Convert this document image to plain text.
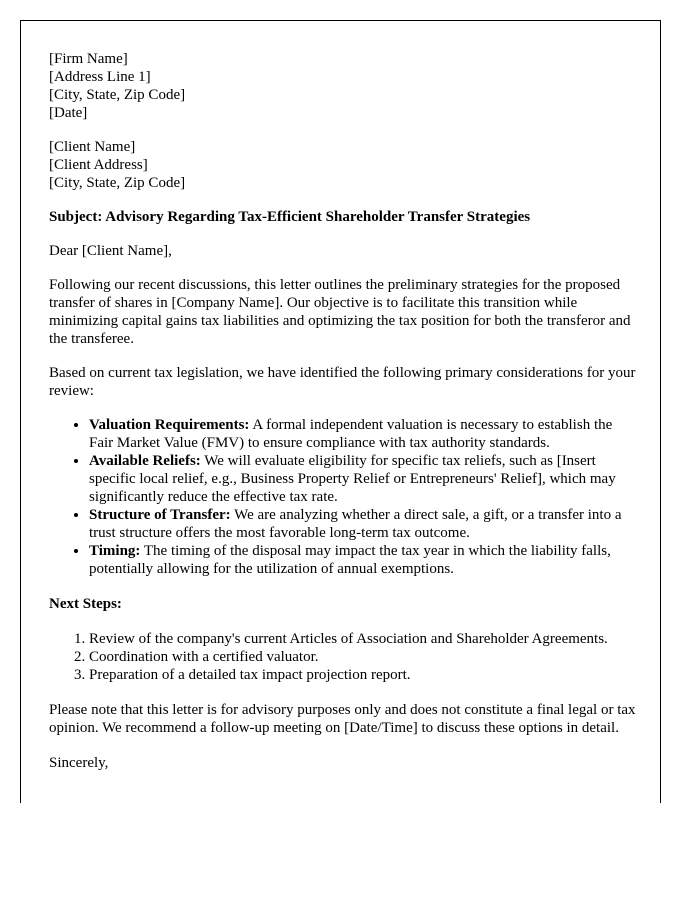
[Firm Name]
[Address Line 1]
[City, State, Zip Code]
[Date]
[Client Name]
[Client Address]
[City, State, Zip Code]

Subject: Advisory Regarding Tax-Efficient Shareholder Transfer Strategies

Dear [Client Name],

Following our recent discussions, this letter outlines the preliminary strategies for the proposed transfer of shares in [Company Name]. Our objective is to facilitate this transition while minimizing capital gains tax liabilities and optimizing the tax position for both the transferor and the transferee.

Based on current tax legislation, we have identified the following primary considerations for your review:

• Valuation Requirements: A formal independent valuation is necessary to establish the Fair Market Value (FMV) to ensure compliance with tax authority standards.
• Available Reliefs: We will evaluate eligibility for specific tax reliefs, such as [Insert specific local relief, e.g., Business Property Relief or Entrepreneurs' Relief], which may significantly reduce the effective tax rate.
• Structure of Transfer: We are analyzing whether a direct sale, a gift, or a transfer into a trust structure offers the most favorable long-term tax outcome.
• Timing: The timing of the disposal may impact the tax year in which the liability falls, potentially allowing for the utilization of annual exemptions.

Next Steps:

1. Review of the company's current Articles of Association and Shareholder Agreements.
2. Coordination with a certified valuator.
3. Preparation of a detailed tax impact projection report.

Please note that this letter is for advisory purposes only and does not constitute a final legal or tax opinion. We recommend a follow-up meeting on [Date/Time] to discuss these options in detail.

Sincerely,
